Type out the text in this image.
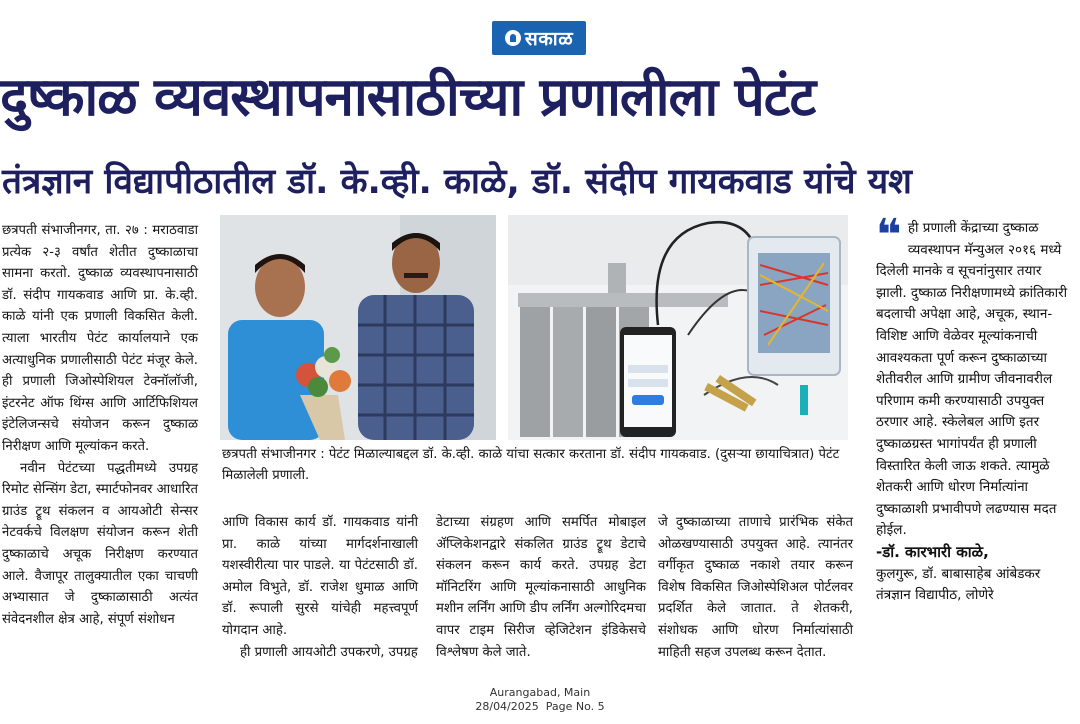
सकाळ
दुष्काळ व्यवस्थापनासाठीच्या प्रणालीला पेटंट
तंत्रज्ञान विद्यापीठातील डॉ. के.व्ही. काळे, डॉ. संदीप गायकवाड यांचे यश

छत्रपती संभाजीनगर, ता. २७ : मराठवाडा प्रत्येक २-३ वर्षांत शेतीत दुष्काळाचा सामना करतो. दुष्काळ व्यवस्थापनासाठी डॉ. संदीप गायकवाड आणि प्रा. के.व्ही. काळे यांनी एक प्रणाली विकसित केली. त्याला भारतीय पेटंट कार्यालयाने एक अत्याधुनिक प्रणालीसाठी पेटंट मंजूर केले. ही प्रणाली जिओस्पेशियल टेक्नॉलॉजी, इंटरनेट ऑफ थिंग्स आणि आर्टिफिशियल इंटेलिजन्सचे संयोजन करून दुष्काळ निरीक्षण आणि मूल्यांकन करते.

नवीन पेटंटच्या पद्धतीमध्ये उपग्रह रिमोट सेन्सिंग डेटा, स्मार्टफोनवर आधारित ग्राउंड ट्रूथ संकलन व आयओटी सेन्सर नेटवर्कचे विलक्षण संयोजन करून शेती दुष्काळाचे अचूक निरीक्षण करण्यात आले. वैजापूर तालुक्यातील एका चाचणी अभ्यासात जे दुष्काळासाठी अत्यंत संवेदनशील क्षेत्र आहे, संपूर्ण संशोधन

छत्रपती संभाजीनगर : पेटंट मिळाल्याबद्दल डॉ. के.व्ही. काळे यांचा सत्कार करताना डॉ. संदीप गायकवाड. (दुसऱ्या छायाचित्रात) पेटंट मिळालेली प्रणाली.

आणि विकास कार्य डॉ. गायकवाड यांनी प्रा. काळे यांच्या मार्गदर्शनाखाली यशस्वीरीत्या पार पाडले. या पेटंटसाठी डॉ. अमोल विभुते, डॉ. राजेश धुमाळ आणि डॉ. रूपाली सुरसे यांचेही महत्त्वपूर्ण योगदान आहे.

ही प्रणाली आयओटी उपकरणे, उपग्रह

डेटाच्या संग्रहण आणि समर्पित मोबाइल ॲप्लिकेशनद्वारे संकलित ग्राउंड ट्रूथ डेटाचे संकलन करून कार्य करते. उपग्रह डेटा मॉनिटरिंग आणि मूल्यांकनासाठी आधुनिक मशीन लर्निंग आणि डीप लर्निंग अल्गोरिदमचा वापर टाइम सिरीज व्हेजिटेशन इंडिकेसचे विश्लेषण केले जाते.

जे दुष्काळाच्या ताणाचे प्रारंभिक संकेत ओळखण्यासाठी उपयुक्त आहे. त्यानंतर वर्गीकृत दुष्काळ नकाशे तयार करून विशेष विकसित जिओस्पेशिअल पोर्टलवर प्रदर्शित केले जातात. ते शेतकरी, संशोधक आणि धोरण निर्मात्यांसाठी माहिती सहज उपलब्ध करून देतात.

❝ ही प्रणाली केंद्राच्या दुष्काळ व्यवस्थापन मॅन्युअल २०१६ मध्ये दिलेली मानके व सूचनांनुसार तयार झाली. दुष्काळ निरीक्षणामध्ये क्रांतिकारी बदलाची अपेक्षा आहे, अचूक, स्थान-विशिष्ट आणि वेळेवर मूल्यांकनाची आवश्यकता पूर्ण करून दुष्काळाच्या शेतीवरील आणि ग्रामीण जीवनावरील परिणाम कमी करण्यासाठी उपयुक्त ठरणार आहे. स्केलेबल आणि इतर दुष्काळग्रस्त भागांपर्यंत ही प्रणाली विस्तारित केली जाऊ शकते. त्यामुळे शेतकरी आणि धोरण निर्मात्यांना दुष्काळाशी प्रभावीपणे लढण्यास मदत होईल.
-डॉ. कारभारी काळे,
कुलगुरू, डॉ. बाबासाहेब आंबेडकर तंत्रज्ञान विद्यापीठ, लोणेरे
Aurangabad, Main
28/04/2025  Page No. 5
